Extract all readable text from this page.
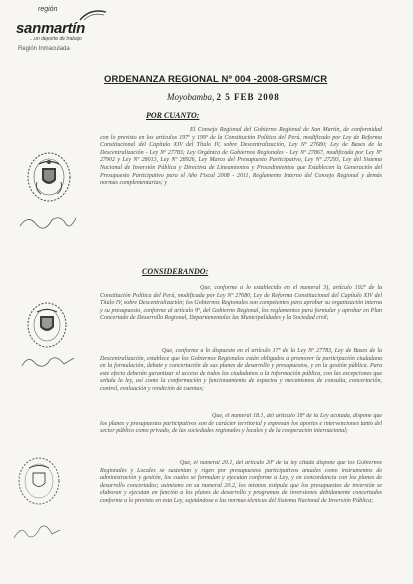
región
sanmartín
...un deporte de trabajo
Región Inmaculada
ORDENANZA REGIONAL Nº 004 -2008-GRSM/CR
Moyobamba, 2 5 FEB 2008
POR CUANTO:
El Consejo Regional del Gobierno Regional de San Martín, de conformidad con lo previsto en los artículos 197º y 199º de la Constitución Política del Perú, modificado por Ley de Reforma Constitucional del Capítulo XIV del Título IV, sobre Descentralización, Ley Nº 27680; Ley de Bases de la Descentralización - Ley Nº 27783; Ley Orgánica de Gobiernos Regionales - Ley Nº 27867, modificada por Ley Nº 27902 y Ley Nº 28013, Ley Nº 28926, Ley Marco del Presupuesto Participativo, Ley Nº 27293, Ley del Sistema Nacional de Inversión Pública y Directiva de Lineamientos y Procedimientos que Establecen la Generación del Presupuesto Participativo para el Año Fiscal 2008 - 2011, Reglamento Interno del Consejo Regional y demás normas complementarias; y
CONSIDERANDO:
Que, conforme a lo establecido en el numeral 3), artículo 192º de la Constitución Política del Perú, modificada por Ley Nº 27680, Ley de Reforma Constitucional del Capítulo XIV del Título IV, sobre Descentralización; los Gobiernos Regionales son competentes para aprobar su organización interna y su presupuesto, conforme al artículo 9º, del Gobierno Regional, los reglamentos para formular y aprobar en Plan Concertado de Desarrollo Regional, Departamentales las Municipalidades y la Sociedad civil;
Que, conforme a lo dispuesto en el artículo 17º de la Ley Nº 27783, Ley de Bases de la Descentralización, establece que los Gobiernos Regionales están obligados a promover la participación ciudadana en la formulación, debate y concertación de sus planes de desarrollo y presupuestos, y en la gestión pública. Para este efecto deberán garantizar el acceso de todos los ciudadanos a la información pública, con las excepciones que señala la ley, así como la conformación y funcionamiento de espacios y mecanismos de consulta, concertación, control, evaluación y rendición de cuentas;
Que, el numeral 18.1, del artículo 18º de la Ley acotada, dispone que los planes y presupuestos participativos son de carácter territorial y expresan los aportes e intervenciones tanto del sector público como privado, de las sociedades regionales y locales y de la cooperación internacional;
Que, el numeral 20.1, del artículo 20º de la ley citada dispone que los Gobiernos Regionales y Locales se sustentan y rigen por presupuestos participativos anuales como instrumentos de administración y gestión, los cuales se formulan y ejecutan conforme a Ley, y en concordancia con los planes de desarrollo concertados; asimismo en su numeral 20.2, los mismos estipula que los presupuestos de inversión se elaboran y ejecutan en función a los planes de desarrollo y programas de inversiones debidamente concertados conforme a lo previsto en esta Ley, sujetándose a las normas técnicas del Sistema Nacional de Inversión Pública;
